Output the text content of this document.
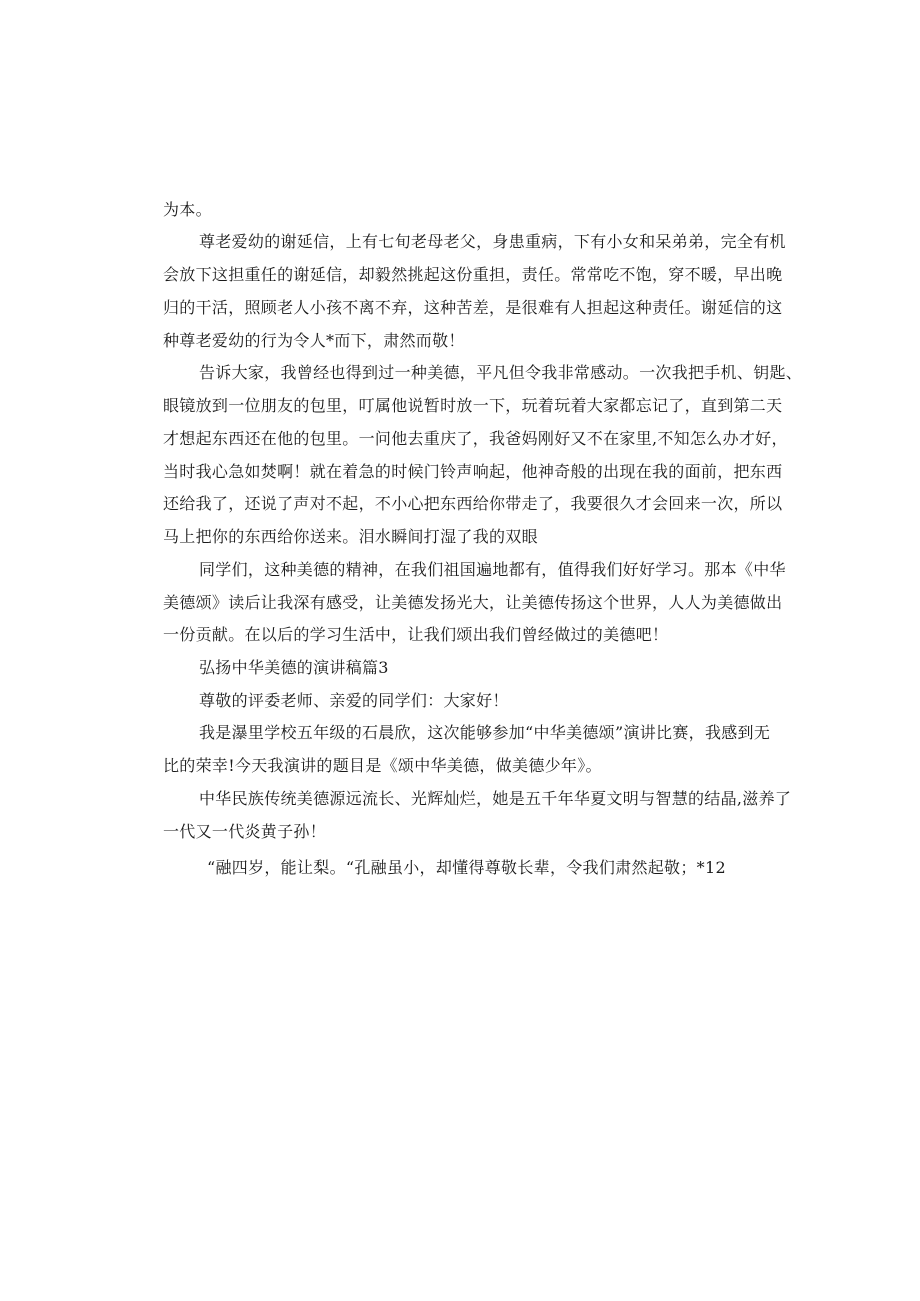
为本。
尊老爱幼的谢延信，上有七旬老母老父，身患重病，下有小女和呆弟弟，完全有机
会放下这担重任的谢延信，却毅然挑起这份重担，责任。常常吃不饱，穿不暖，早出晚
归的干活，照顾老人小孩不离不弃，这种苦差，是很难有人担起这种责任。谢延信的这
种尊老爱幼的行为令人*而下，肃然而敬！
告诉大家，我曾经也得到过一种美德，平凡但令我非常感动。一次我把手机、钥匙、
眼镜放到一位朋友的包里，叮属他说暂时放一下，玩着玩着大家都忘记了，直到第二天
才想起东西还在他的包里。一问他去重庆了，我爸妈刚好又不在家里,不知怎么办才好，
当时我心急如焚啊！就在着急的时候门铃声响起，他神奇般的出现在我的面前，把东西
还给我了，还说了声对不起，不小心把东西给你带走了，我要很久才会回来一次，所以
马上把你的东西给你送来。泪水瞬间打湿了我的双眼
同学们，这种美德的精神，在我们祖国遍地都有，值得我们好好学习。那本《中华
美德颂》读后让我深有感受，让美德发扬光大，让美德传扬这个世界，人人为美德做出
一份贡献。在以后的学习生活中，让我们颂出我们曾经做过的美德吧！
弘扬中华美德的演讲稿篇3
尊敬的评委老师、亲爱的同学们：大家好！
我是瀑里学校五年级的石晨欣，这次能够参加“中华美德颂”演讲比赛，我感到无
比的荣幸!今天我演讲的题目是《颂中华美德，做美德少年》。
中华民族传统美德源远流长、光辉灿烂，她是五千年华夏文明与智慧的结晶,滋养了
一代又一代炎黄子孙！
“融四岁，能让梨。“孔融虽小，却懂得尊敬长辈，令我们肃然起敬；*12
